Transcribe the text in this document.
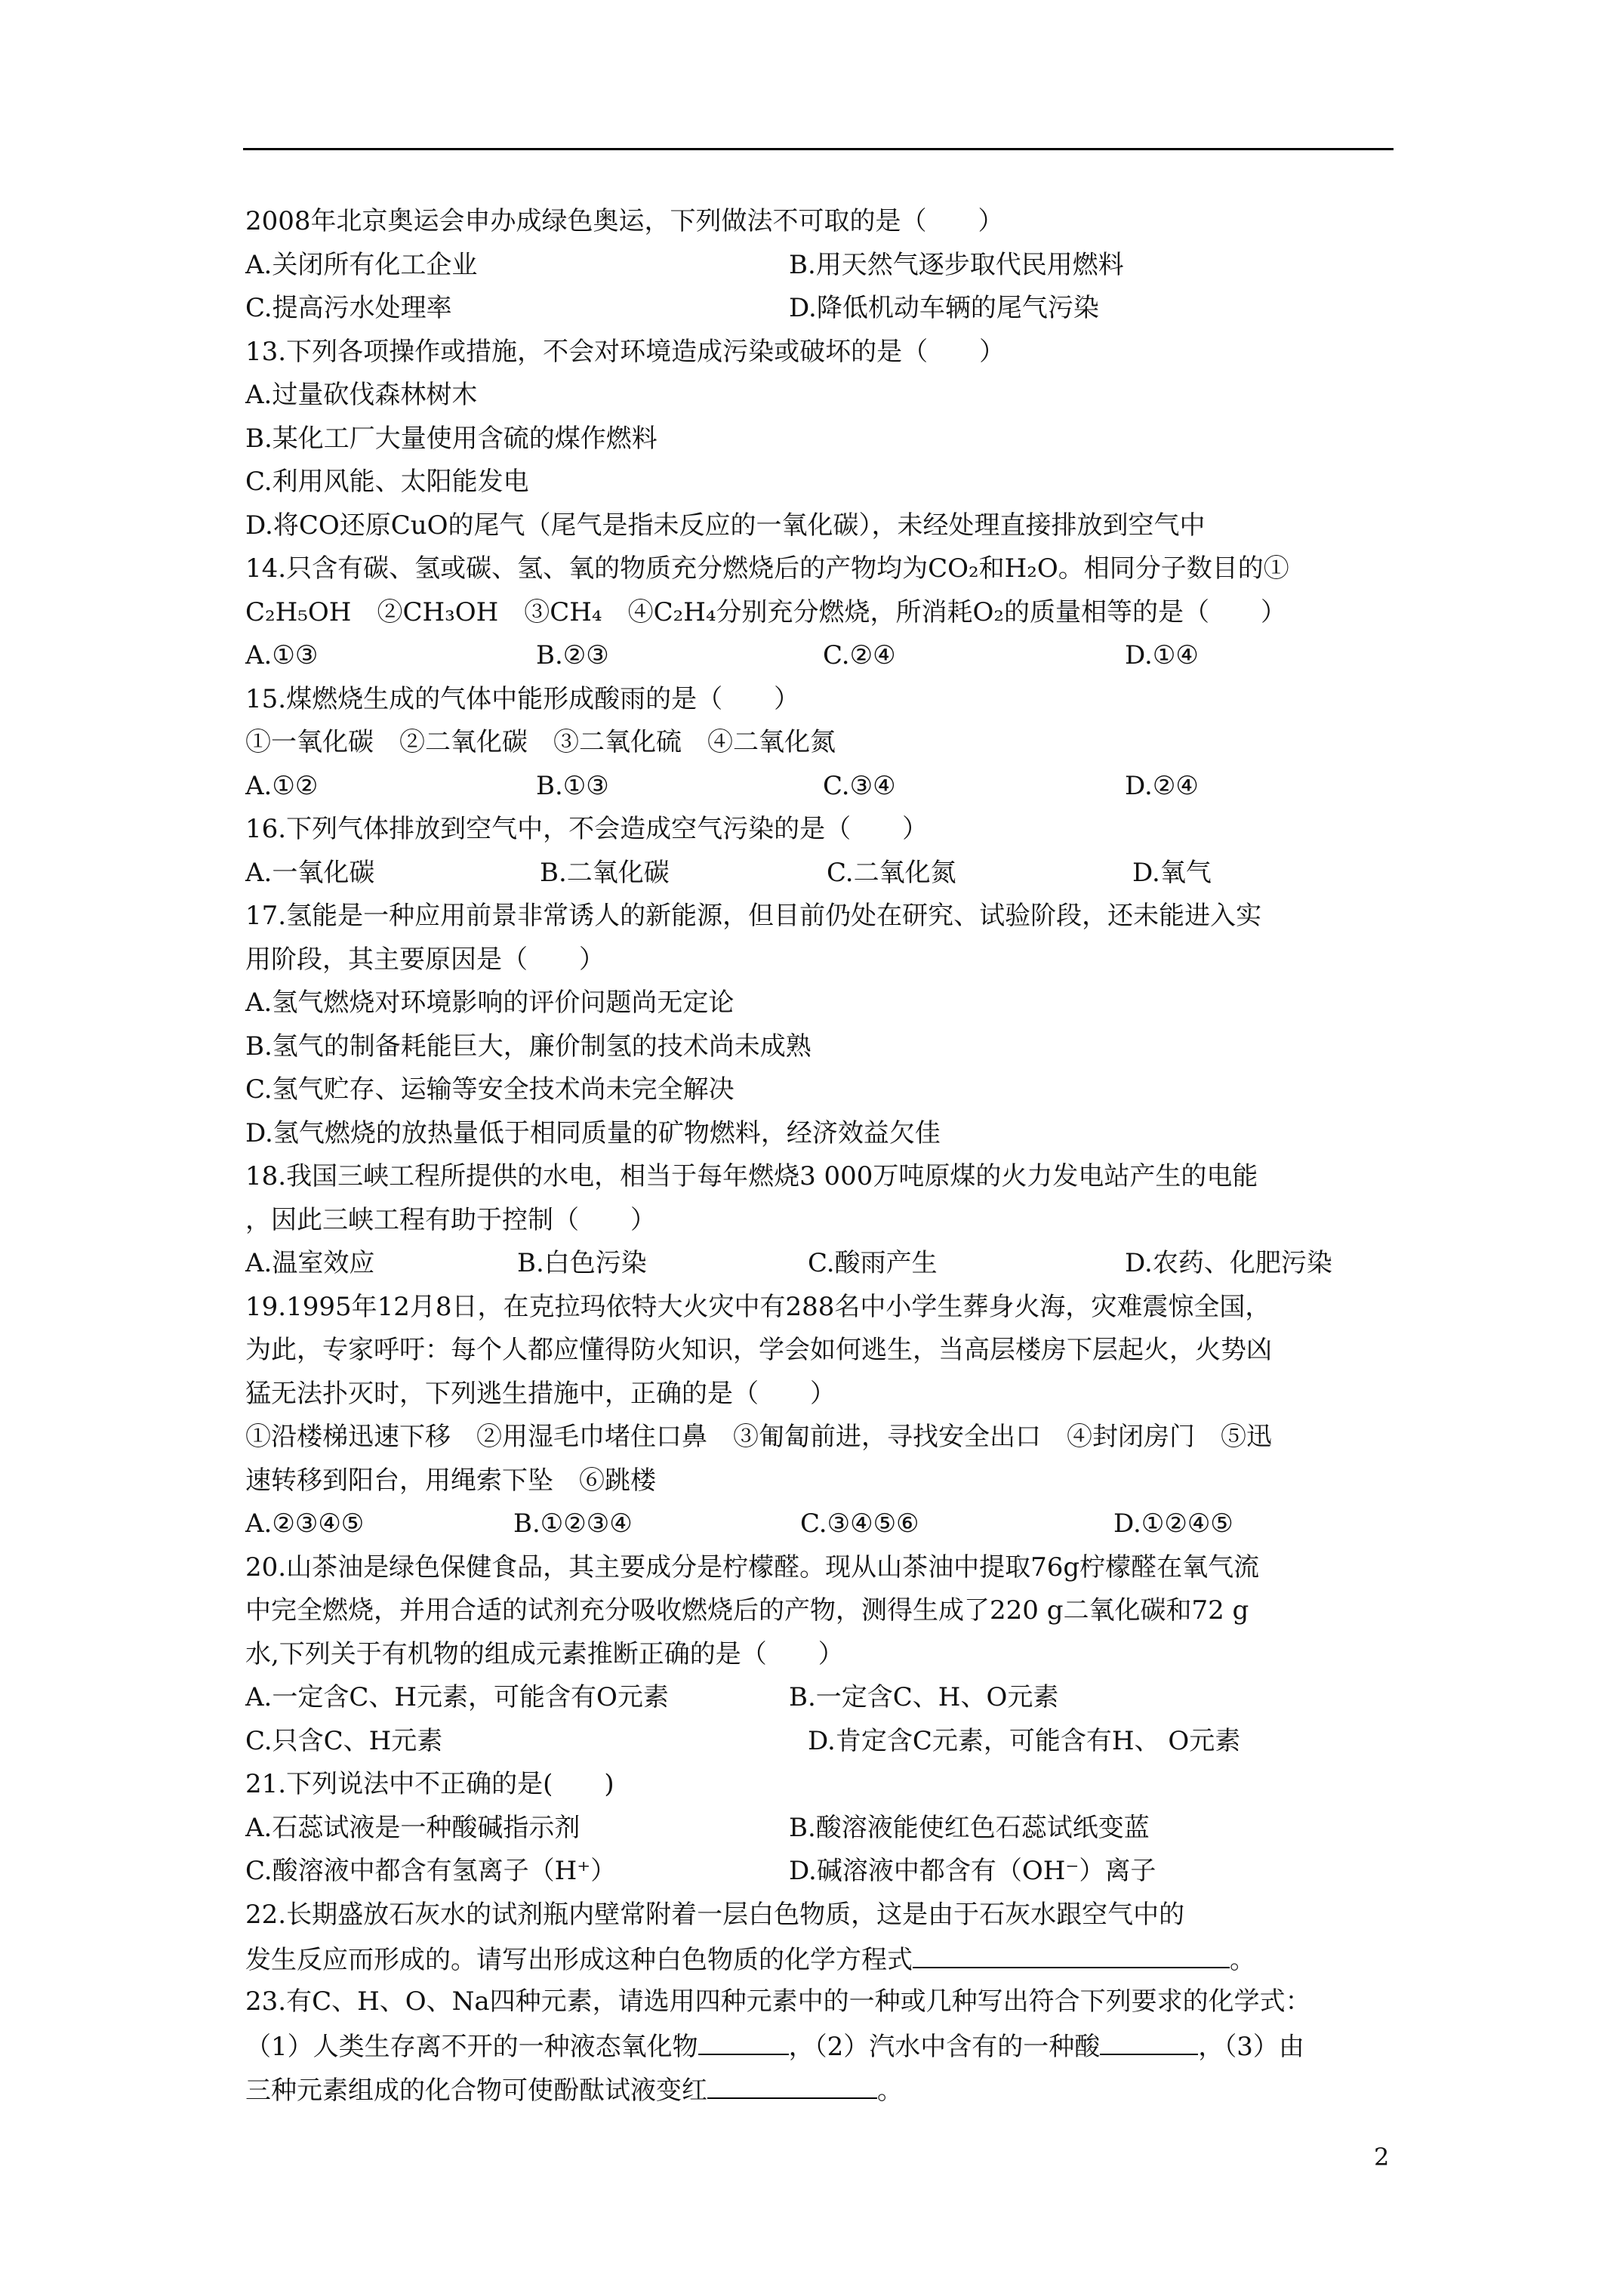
2008年北京奥运会申办成绿色奥运，下列做法不可取的是（　　）
A.关闭所有化工企业	B.用天然气逐步取代民用燃料
C.提高污水处理率	D.降低机动车辆的尾气污染
13.下列各项操作或措施，不会对环境造成污染或破坏的是（　　）
A.过量砍伐森林树木
B.某化工厂大量使用含硫的煤作燃料
C.利用风能、太阳能发电
D.将CO还原CuO的尾气（尾气是指未反应的一氧化碳），未经处理直接排放到空气中
14.只含有碳、氢或碳、氢、氧的物质充分燃烧后的产物均为CO₂和H₂O。相同分子数目的①
C₂H₅OH　②CH₃OH　③CH₄　④C₂H₄分别充分燃烧，所消耗O₂的质量相等的是（　　）
A.①③	B.②③	C.②④	D.①④
15.煤燃烧生成的气体中能形成酸雨的是（　　）
①一氧化碳　②二氧化碳　③二氧化硫　④二氧化氮
A.①②	B.①③	C.③④	D.②④
16.下列气体排放到空气中，不会造成空气污染的是（　　）
A.一氧化碳	B.二氧化碳	C.二氧化氮	D.氧气
17.氢能是一种应用前景非常诱人的新能源，但目前仍处在研究、试验阶段，还未能进入实
用阶段，其主要原因是（　　）
A.氢气燃烧对环境影响的评价问题尚无定论
B.氢气的制备耗能巨大，廉价制氢的技术尚未成熟
C.氢气贮存、运输等安全技术尚未完全解决
D.氢气燃烧的放热量低于相同质量的矿物燃料，经济效益欠佳
18.我国三峡工程所提供的水电，相当于每年燃烧3 000万吨原煤的火力发电站产生的电能
，因此三峡工程有助于控制（　　）
A.温室效应	B.白色污染	C.酸雨产生	D.农药、化肥污染
19.1995年12月8日，在克拉玛依特大火灾中有288名中小学生葬身火海，灾难震惊全国，
为此，专家呼吁：每个人都应懂得防火知识，学会如何逃生，当高层楼房下层起火，火势凶
猛无法扑灭时，下列逃生措施中，正确的是（　　）
①沿楼梯迅速下移　②用湿毛巾堵住口鼻　③匍匐前进，寻找安全出口　④封闭房门　⑤迅
速转移到阳台，用绳索下坠　⑥跳楼
A.②③④⑤	B.①②③④	C.③④⑤⑥	D.①②④⑤
20.山茶油是绿色保健食品，其主要成分是柠檬醛。现从山茶油中提取76g柠檬醛在氧气流
中完全燃烧，并用合适的试剂充分吸收燃烧后的产物，测得生成了220 g二氧化碳和72 g
水,下列关于有机物的组成元素推断正确的是（　　）
A.一定含C、H元素，可能含有O元素	B.一定含C、H、O元素
C.只含C、H元素	D.肯定含C元素，可能含有H、 O元素
21.下列说法中不正确的是(　　)
A.石蕊试液是一种酸碱指示剂	B.酸溶液能使红色石蕊试纸变蓝
C.酸溶液中都含有氢离子（H⁺）	D.碱溶液中都含有（OH⁻）离子
22.长期盛放石灰水的试剂瓶内壁常附着一层白色物质，这是由于石灰水跟空气中的
发生反应而形成的。请写出形成这种白色物质的化学方程式	。
23.有C、H、O、Na四种元素，请选用四种元素中的一种或几种写出符合下列要求的化学式：
（1）人类生存离不开的一种液态氧化物	，（2）汽水中含有的一种酸	，（3）由
三种元素组成的化合物可使酚酞试液变红	。
2
